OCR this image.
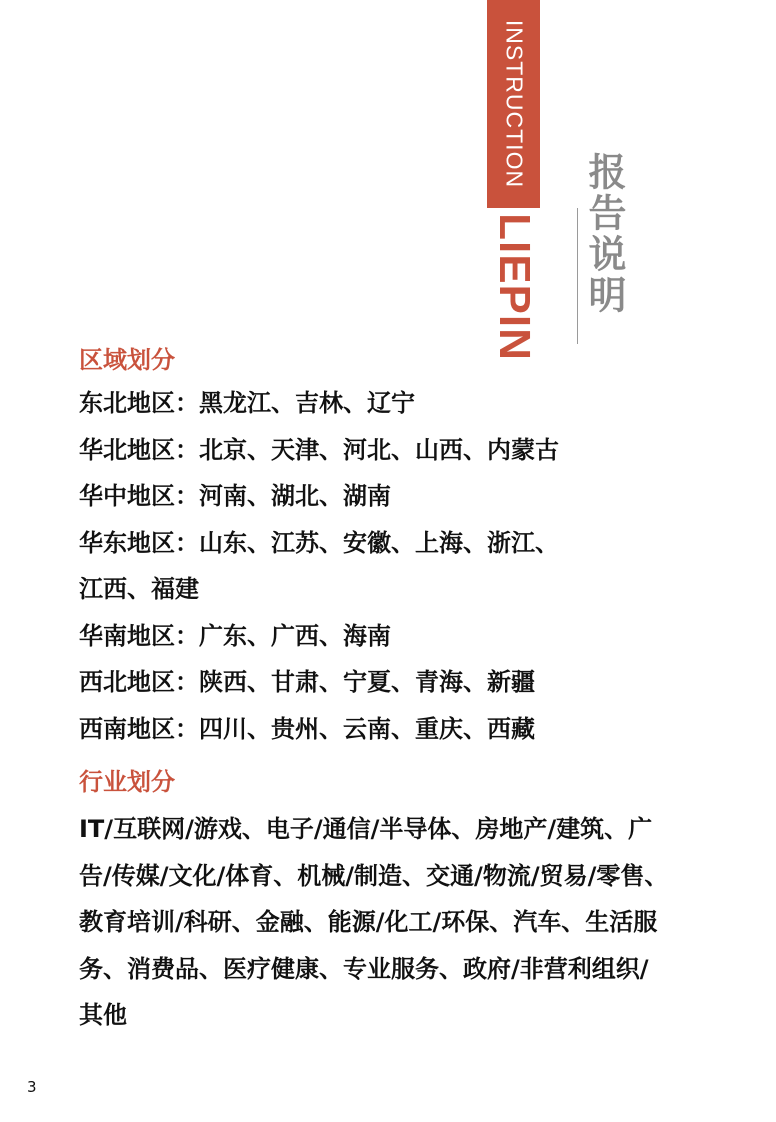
INSTRUCTION
LIEPIN 报告说明
区域划分
东北地区：黑龙江、吉林、辽宁
华北地区：北京、天津、河北、山西、内蒙古
华中地区：河南、湖北、湖南
华东地区：山东、江苏、安徽、上海、浙江、
江西、福建
华南地区：广东、广西、海南
西北地区：陕西、甘肃、宁夏、青海、新疆
西南地区：四川、贵州、云南、重庆、西藏
行业划分
IT/互联网/游戏、电子/通信/半导体、房地产/建筑、广告/传媒/文化/体育、机械/制造、交通/物流/贸易/零售、教育培训/科研、金融、能源/化工/环保、汽车、生活服务、消费品、医疗健康、专业服务、政府/非营利组织/其他
3
